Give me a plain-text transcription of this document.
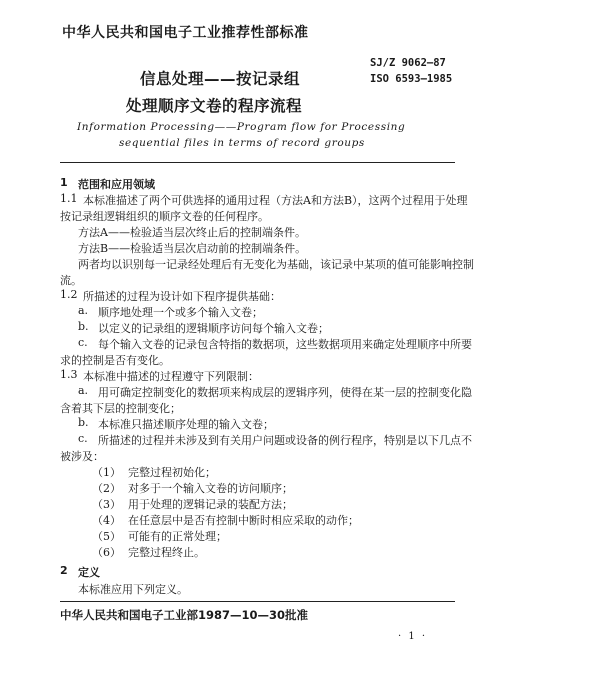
中华人民共和国电子工业推荐性部标准
SJ/Z 9062—87
ISO 6593—1985
信息处理——按记录组
处理顺序文卷的程序流程
Information Processing——Program flow for Processing
sequential files in terms of record groups
1 范围和应用领域
1.1 本标准描述了两个可供选择的通用过程（方法A和方法B），这两个过程用于处理
按记录组逻辑组织的顺序文卷的任何程序。
方法A——检验适当层次终止后的控制端条件。
方法B——检验适当层次启动前的控制端条件。
两者均以识别每一记录经处理后有无变化为基础，该记录中某项的值可能影响控制
流。
1.2 所描述的过程为设计如下程序提供基础：
a. 顺序地处理一个或多个输入文卷；
b. 以定义的记录组的逻辑顺序访问每个输入文卷；
c. 每个输入文卷的记录包含特指的数据项，这些数据项用来确定处理顺序中所要
求的控制是否有变化。
1.3 本标准中描述的过程遵守下列限制：
a. 用可确定控制变化的数据项来构成层的逻辑序列，使得在某一层的控制变化隐
含着其下层的控制变化；
b. 本标准只描述顺序处理的输入文卷；
c. 所描述的过程并未涉及到有关用户问题或设备的例行程序，特别是以下几点不
被涉及：
（1） 完整过程初始化；
（2） 对多于一个输入文卷的访问顺序；
（3） 用于处理的逻辑记录的装配方法；
（4） 在任意层中是否有控制中断时相应采取的动作；
（5） 可能有的正常处理；
（6） 完整过程终止。
2 定义
本标准应用下列定义。
中华人民共和国电子工业部1987—10—30批准
· 1 ·
